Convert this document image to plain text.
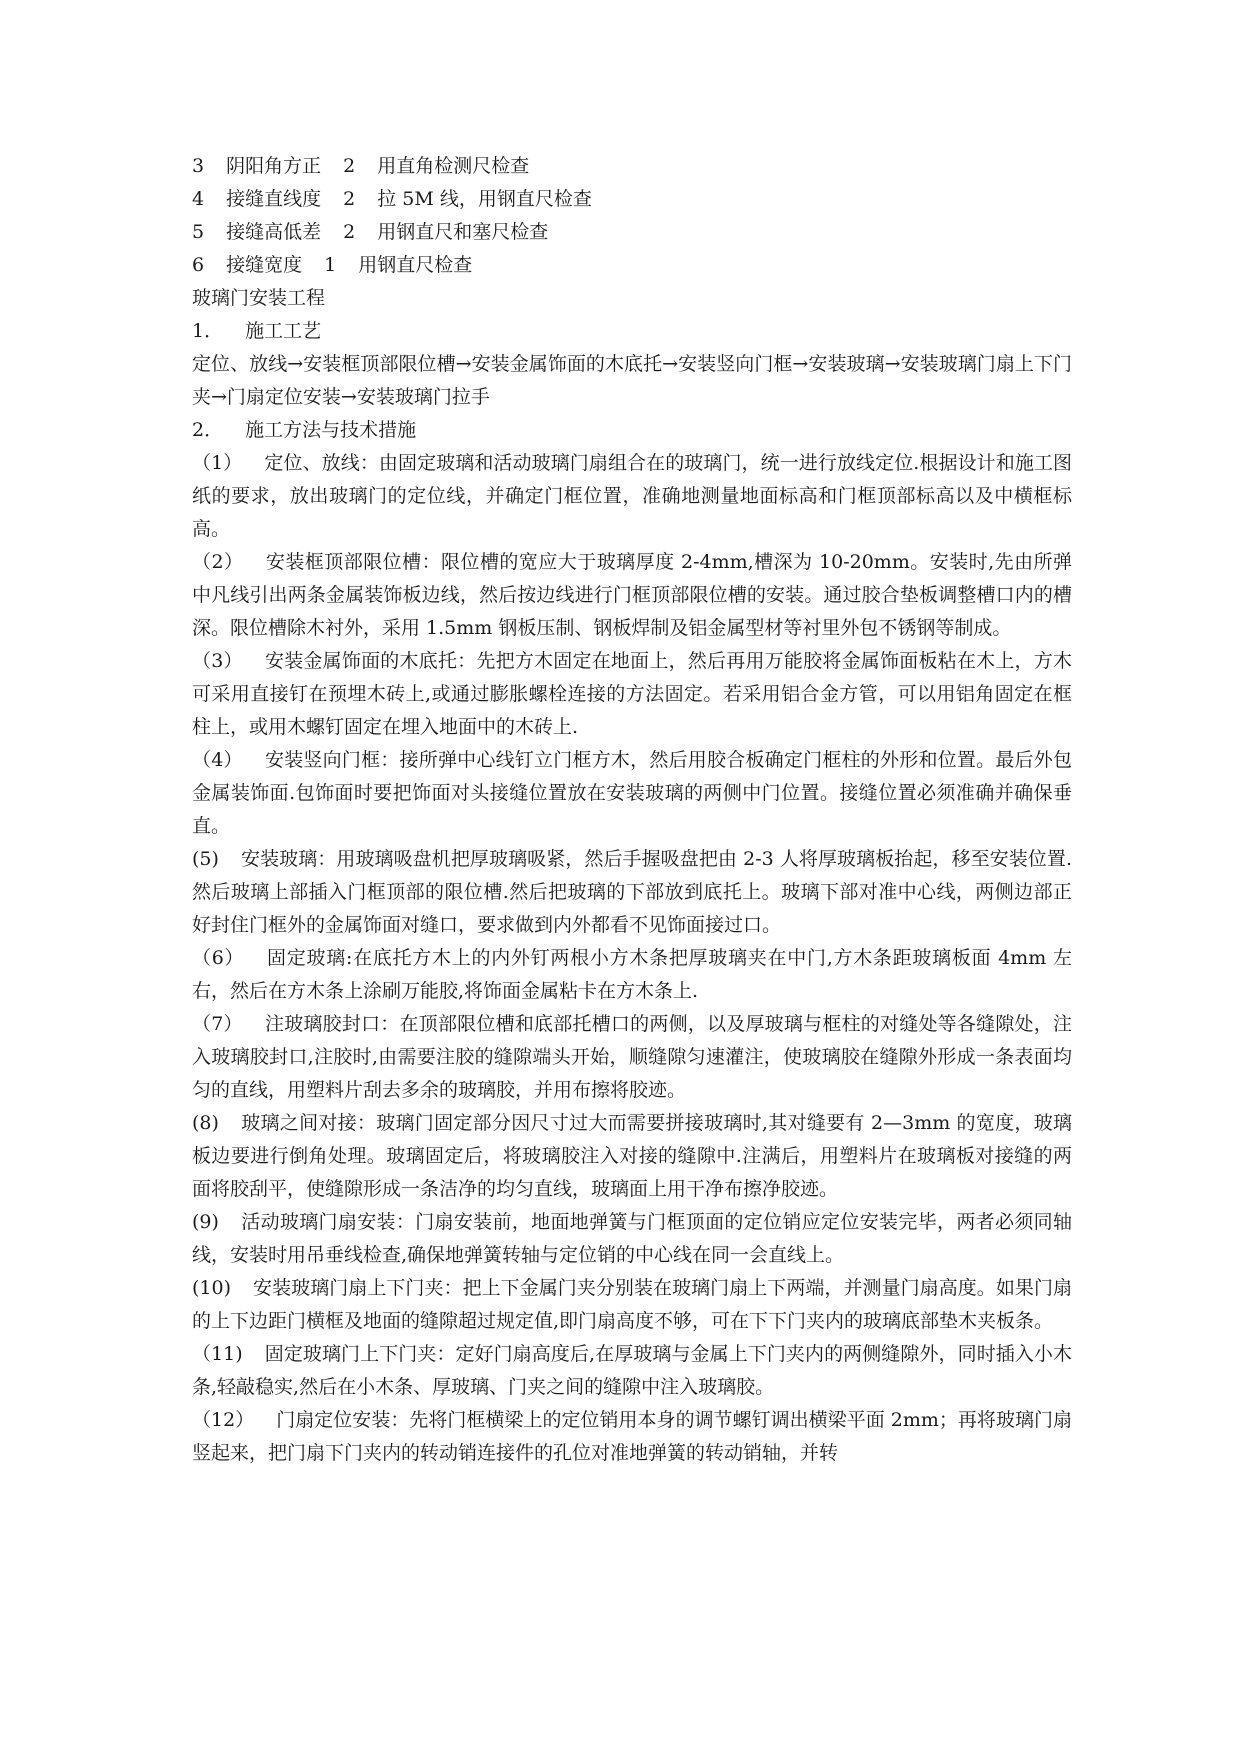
3 阴阳角方正 2 用直角检测尺检查
4 接缝直线度 2 拉 5M 线，用钢直尺检查
5 接缝高低差 2 用钢直尺和塞尺检查
6 接缝宽度 1 用钢直尺检查
玻璃门安装工程
1． 施工工艺

定位、放线→安装框顶部限位槽→安装金属饰面的木底托→安装竖向门框→安装玻璃→安装玻璃门扇上下门夹→门扇定位安装→安装玻璃门拉手

2． 施工方法与技术措施

（1） 定位、放线：由固定玻璃和活动玻璃门扇组合在的玻璃门，统一进行放线定位.根据设计和施工图纸的要求，放出玻璃门的定位线，并确定门框位置，准确地测量地面标高和门框顶部标高以及中横框标高。

（2） 安装框顶部限位槽：限位槽的宽应大于玻璃厚度 2-4mm,槽深为 10-20mm。安装时,先由所弹中凡线引出两条金属装饰板边线，然后按边线进行门框顶部限位槽的安装。通过胶合垫板调整槽口内的槽深。限位槽除木衬外，采用 1.5mm 钢板压制、钢板焊制及铝金属型材等衬里外包不锈钢等制成。

（3） 安装金属饰面的木底托：先把方木固定在地面上，然后再用万能胶将金属饰面板粘在木上，方木可采用直接钉在预埋木砖上,或通过膨胀螺栓连接的方法固定。若采用铝合金方管，可以用铝角固定在框柱上，或用木螺钉固定在埋入地面中的木砖上.

（4） 安装竖向门框：接所弹中心线钉立门框方木，然后用胶合板确定门框柱的外形和位置。最后外包金属装饰面.包饰面时要把饰面对头接缝位置放在安装玻璃的两侧中门位置。接缝位置必须准确并确保垂直。

(5) 安装玻璃：用玻璃吸盘机把厚玻璃吸紧，然后手握吸盘把由 2-3 人将厚玻璃板抬起，移至安装位置.然后玻璃上部插入门框顶部的限位槽.然后把玻璃的下部放到底托上。玻璃下部对准中心线，两侧边部正好封住门框外的金属饰面对缝口，要求做到内外都看不见饰面接过口。

（6） 固定玻璃:在底托方木上的内外钉两根小方木条把厚玻璃夹在中门,方木条距玻璃板面 4mm 左右，然后在方木条上涂刷万能胶,将饰面金属粘卡在方木条上.

（7） 注玻璃胶封口：在顶部限位槽和底部托槽口的两侧，以及厚玻璃与框柱的对缝处等各缝隙处，注入玻璃胶封口,注胶时,由需要注胶的缝隙端头开始，顺缝隙匀速灌注，使玻璃胶在缝隙外形成一条表面均匀的直线，用塑料片刮去多余的玻璃胶，并用布擦将胶迹。

(8) 玻璃之间对接：玻璃门固定部分因尺寸过大而需要拼接玻璃时,其对缝要有 2—3mm 的宽度，玻璃板边要进行倒角处理。玻璃固定后，将玻璃胶注入对接的缝隙中.注满后，用塑料片在玻璃板对接缝的两面将胶刮平，使缝隙形成一条洁净的均匀直线，玻璃面上用干净布擦净胶迹。

(9) 活动玻璃门扇安装：门扇安装前，地面地弹簧与门框顶面的定位销应定位安装完毕，两者必须同轴线，安装时用吊垂线检查,确保地弹簧转轴与定位销的中心线在同一会直线上。

(10) 安装玻璃门扇上下门夹：把上下金属门夹分别装在玻璃门扇上下两端，并测量门扇高度。如果门扇的上下边距门横框及地面的缝隙超过规定值,即门扇高度不够，可在下下门夹内的玻璃底部垫木夹板条。

（11) 固定玻璃门上下门夹：定好门扇高度后,在厚玻璃与金属上下门夹内的两侧缝隙外，同时插入小木条,轻敲稳实,然后在小木条、厚玻璃、门夹之间的缝隙中注入玻璃胶。

（12） 门扇定位安装：先将门框横梁上的定位销用本身的调节螺钉调出横梁平面 2mm；再将玻璃门扇竖起来，把门扇下门夹内的转动销连接件的孔位对准地弹簧的转动销轴，并转
